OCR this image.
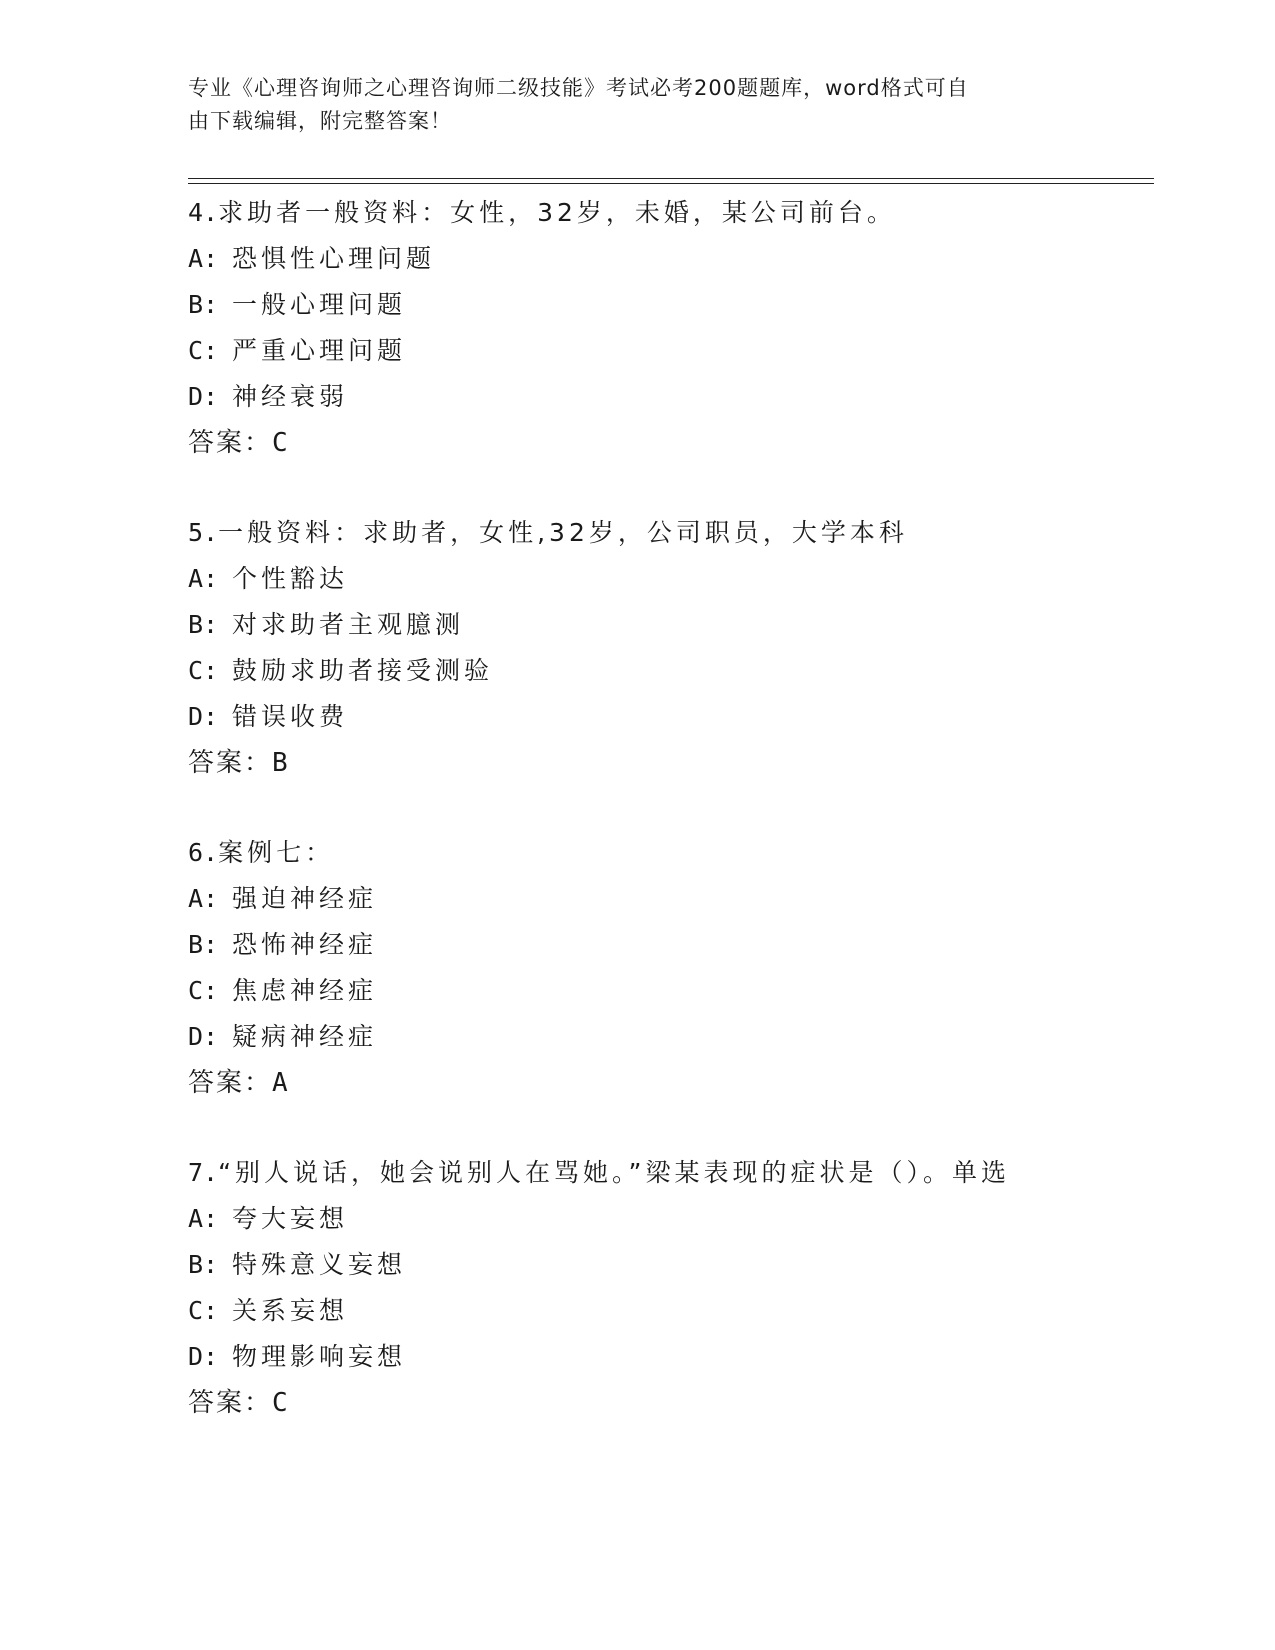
专业《心理咨询师之心理咨询师二级技能》考试必考200题题库，word格式可自

由下载编辑，附完整答案！

4.求助者一般资料：女性，32岁，未婚，某公司前台。
A: 恐惧性心理问题
B: 一般心理问题
C: 严重心理问题
D: 神经衰弱
答案：C
5.一般资料：求助者，女性,32岁，公司职员，大学本科
A: 个性豁达
B: 对求助者主观臆测
C: 鼓励求助者接受测验
D: 错误收费
答案：B
6.案例七：
A: 强迫神经症
B: 恐怖神经症
C: 焦虑神经症
D: 疑病神经症
答案：A
7.“别人说话，她会说别人在骂她。”梁某表现的症状是（）。单选
A: 夸大妄想
B: 特殊意义妄想
C: 关系妄想
D: 物理影响妄想
答案：C
